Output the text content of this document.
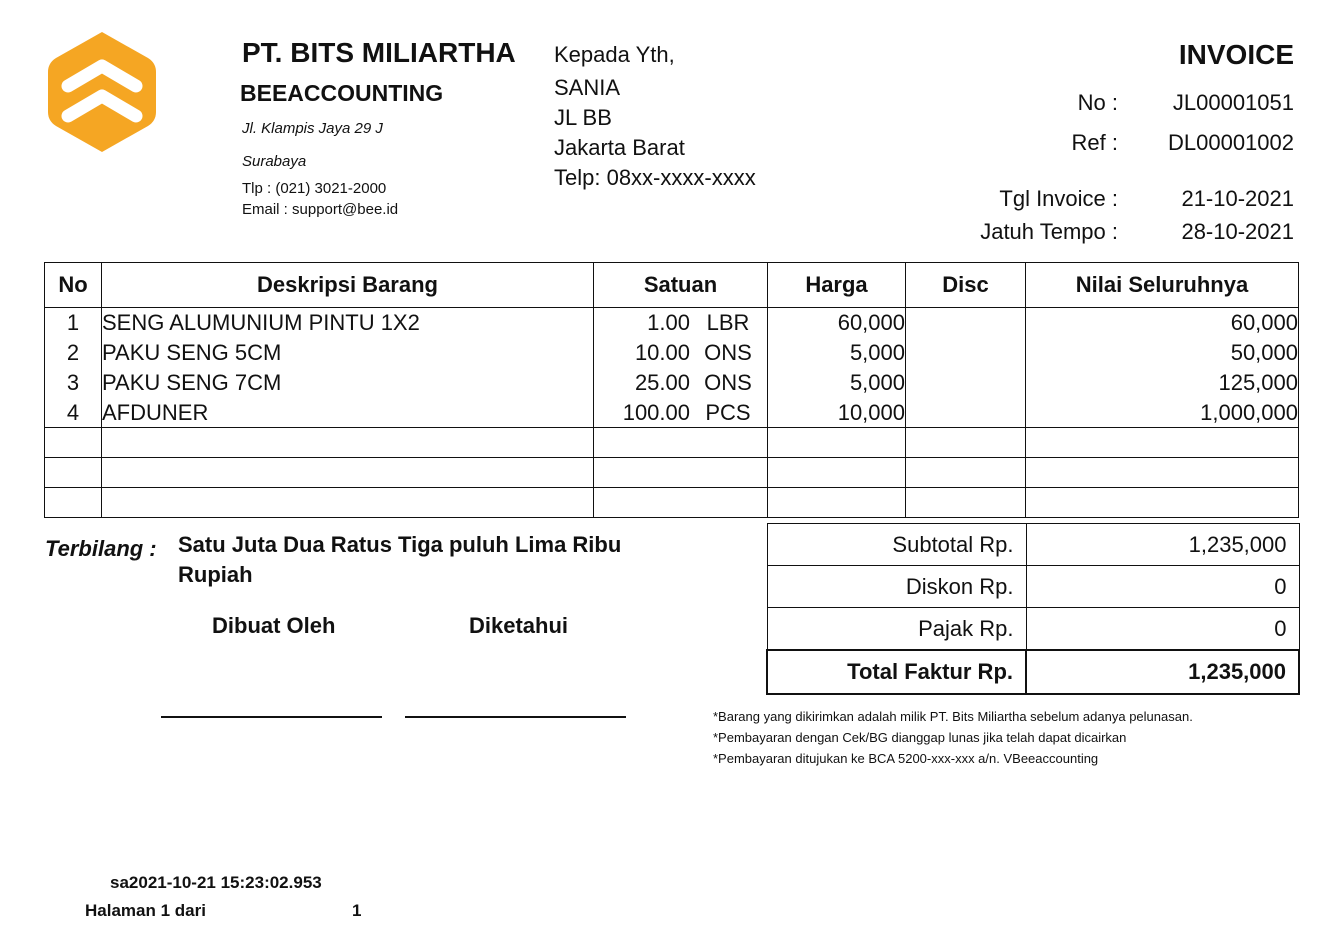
PT. BITS MILIARTHA
BEEACCOUNTING
Jl. Klampis Jaya 29 J
Surabaya
Tlp : (021) 3021-2000
Email : support@bee.id
Kepada Yth,
SANIA
JL BB
Jakarta Barat
Telp: 08xx-xxxx-xxxx
INVOICE
No :	JL00001051
Ref :	DL00001002
Tgl Invoice :	21-10-2021
Jatuh Tempo :	28-10-2021
No	Deskripsi Barang	Satuan	Harga	Disc	Nilai Seluruhnya
1	SENG ALUMUNIUM PINTU 1X2	1.00 LBR	60,000		60,000
2	PAKU SENG 5CM	10.00 ONS	5,000		50,000
3	PAKU SENG 7CM	25.00 ONS	5,000		125,000
4	AFDUNER	100.00 PCS	10,000		1,000,000

Terbilang : Satu Juta Dua Ratus Tiga puluh Lima Ribu Rupiah
Dibuat Oleh	Diketahui
Subtotal Rp.	1,235,000
Diskon Rp.	0
Pajak Rp.	0
Total Faktur Rp.	1,235,000
*Barang yang dikirimkan adalah milik PT. Bits Miliartha sebelum adanya pelunasan.
*Pembayaran dengan Cek/BG dianggap lunas jika telah dapat dicairkan
*Pembayaran ditujukan ke BCA 5200-xxx-xxx a/n. VBeeaccounting
sa2021-10-21 15:23:02.953
Halaman 1 dari	1
